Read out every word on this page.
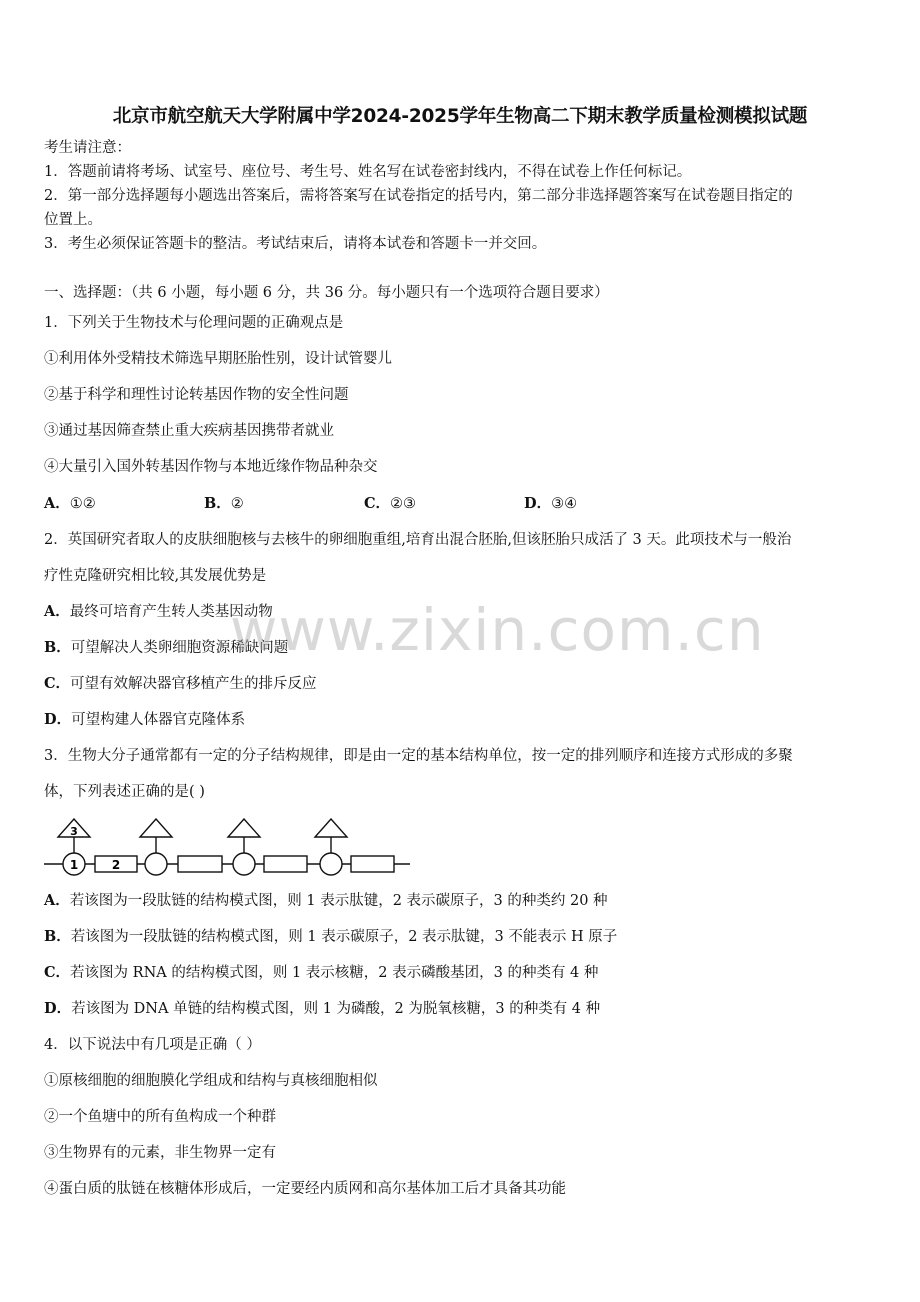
北京市航空航天大学附属中学2024-2025学年生物高二下期末教学质量检测模拟试题
考生请注意：
1．答题前请将考场、试室号、座位号、考生号、姓名写在试卷密封线内，不得在试卷上作任何标记。
2．第一部分选择题每小题选出答案后，需将答案写在试卷指定的括号内，第二部分非选择题答案写在试卷题目指定的
位置上。
3．考生必须保证答题卡的整洁。考试结束后，请将本试卷和答题卡一并交回。
一、选择题：（共 6 小题，每小题 6 分，共 36 分。每小题只有一个选项符合题目要求）
1．下列关于生物技术与伦理问题的正确观点是
①利用体外受精技术筛选早期胚胎性别，设计试管婴儿
②基于科学和理性讨论转基因作物的安全性问题
③通过基因筛查禁止重大疾病基因携带者就业
④大量引入国外转基因作物与本地近缘作物品种杂交
A．①②	B．②	C．②③	D．③④
2．英国研究者取人的皮肤细胞核与去核牛的卵细胞重组,培育出混合胚胎,但该胚胎只成活了 3 天。此项技术与一般治
疗性克隆研究相比较,其发展优势是
A．最终可培育产生转人类基因动物
B．可望解决人类卵细胞资源稀缺问题
C．可望有效解决器官移植产生的排斥反应
D．可望构建人体器官克隆体系
3．生物大分子通常都有一定的分子结构规律，即是由一定的基本结构单位，按一定的排列顺序和连接方式形成的多聚
体，下列表述正确的是( )
3
1	2
A．若该图为一段肽链的结构模式图，则 1 表示肽键，2 表示碳原子，3 的种类约 20 种
B．若该图为一段肽链的结构模式图，则 1 表示碳原子，2 表示肽键，3 不能表示 H 原子
C．若该图为 RNA 的结构模式图，则 1 表示核糖，2 表示磷酸基团，3 的种类有 4 种
D．若该图为 DNA 单链的结构模式图，则 1 为磷酸，2 为脱氧核糖，3 的种类有 4 种
4．以下说法中有几项是正确（ ）
①原核细胞的细胞膜化学组成和结构与真核细胞相似
②一个鱼塘中的所有鱼构成一个种群
③生物界有的元素，非生物界一定有
④蛋白质的肽链在核糖体形成后，一定要经内质网和高尔基体加工后才具备其功能
www.zixin.com.cn
